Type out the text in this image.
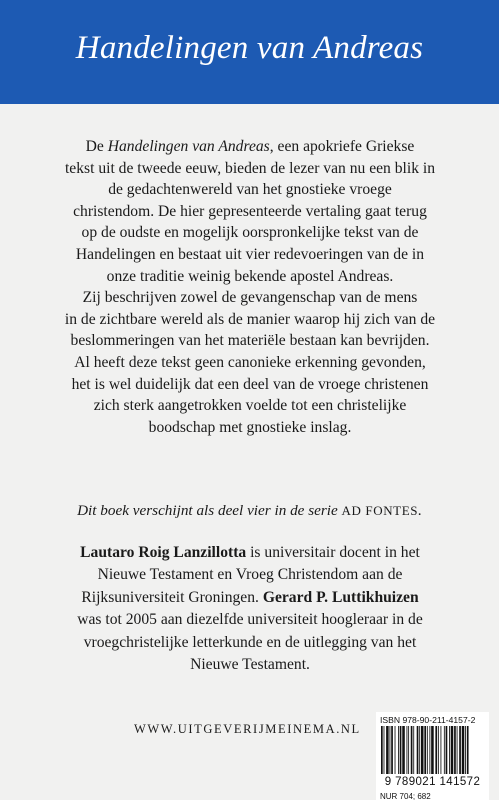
Handelingen van Andreas

De Handelingen van Andreas, een apokriefe Griekse
tekst uit de tweede eeuw, bieden de lezer van nu een blik in
de gedachtenwereld van het gnostieke vroege
christendom. De hier gepresenteerde vertaling gaat terug
op de oudste en mogelijk oorspronkelijke tekst van de
Handelingen en bestaat uit vier redevoeringen van de in
onze traditie weinig bekende apostel Andreas.
Zij beschrijven zowel de gevangenschap van de mens
in de zichtbare wereld als de manier waarop hij zich van de
beslommeringen van het materiële bestaan kan bevrijden.
Al heeft deze tekst geen canonieke erkenning gevonden,
het is wel duidelijk dat een deel van de vroege christenen
zich sterk aangetrokken voelde tot een christelijke
boodschap met gnostieke inslag.

Dit boek verschijnt als deel vier in de serie AD FONTES.

Lautaro Roig Lanzillotta is universitair docent in het
Nieuwe Testament en Vroeg Christendom aan de
Rijksuniversiteit Groningen. Gerard P. Luttikhuizen
was tot 2005 aan diezelfde universiteit hoogleraar in de
vroegchristelijke letterkunde en de uitlegging van het
Nieuwe Testament.

WWW.UITGEVERIJMEINEMA.NL
ISBN 978-90-211-4157-2
9 789021 141572
NUR 704; 682
